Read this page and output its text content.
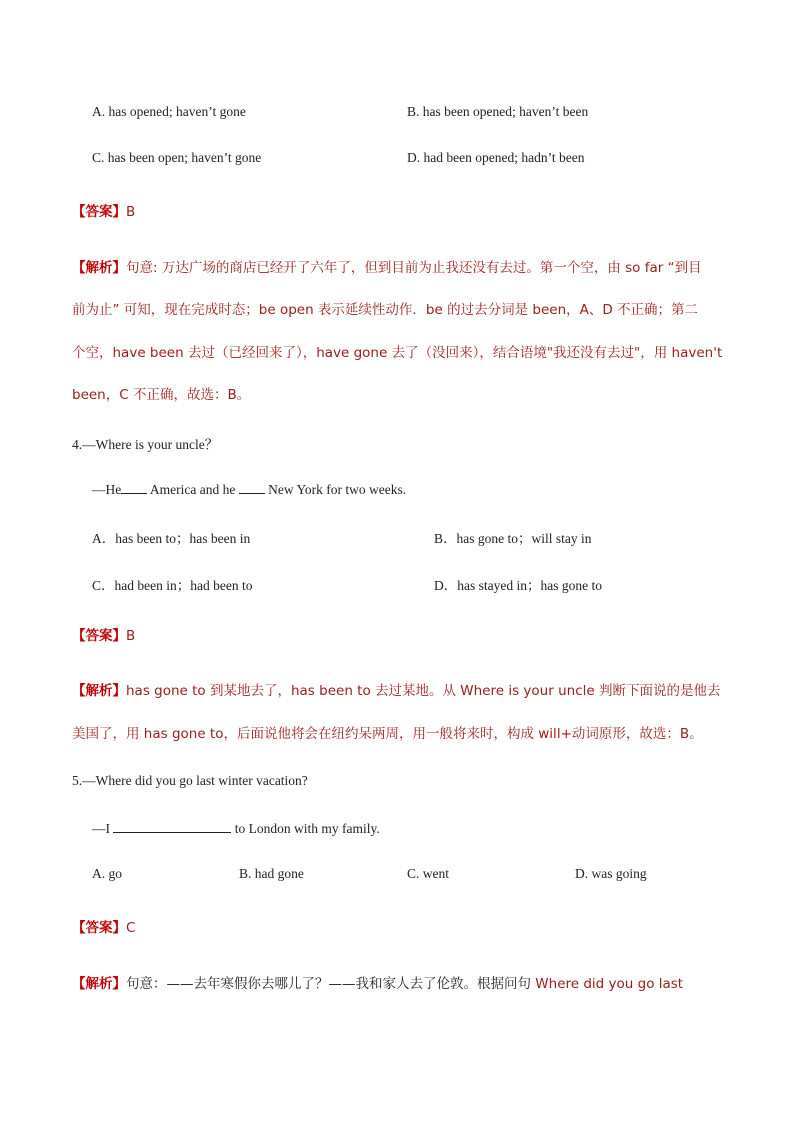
A. has opened; haven’t gone	B. has been opened; haven’t been
C. has been open; haven’t gone	D. had been opened; hadn’t been
【答案】B
【解析】句意: 万达广场的商店已经开了六年了，但到目前为止我还没有去过。第一个空，由 so far “到目
前为止” 可知，现在完成时态；be open 表示延续性动作．be 的过去分词是 been，A、D 不正确；第二
个空，have been 去过（已经回来了），have gone 去了（没回来），结合语境"我还没有去过"，用 haven't
been，C 不正确，故选：B。
4.—Where is your uncle？
—He America and he  New York for two weeks.
A．has been to；has been in	B．has gone to；will stay in
C．had been in；had been to	D．has stayed in；has gone to
【答案】B
【解析】has gone to 到某地去了，has been to 去过某地。从 Where is your uncle 判断下面说的是他去
美国了，用 has gone to，后面说他将会在纽约呆两周，用一般将来时，构成 will+动词原形，故选：B。
5.—Where did you go last winter vacation?
—I	to London with my family.
A. go	B. had gone	C. went	D. was going
【答案】C
【解析】句意：——去年寒假你去哪儿了？——我和家人去了伦敦。根据问句 Where did you go last
